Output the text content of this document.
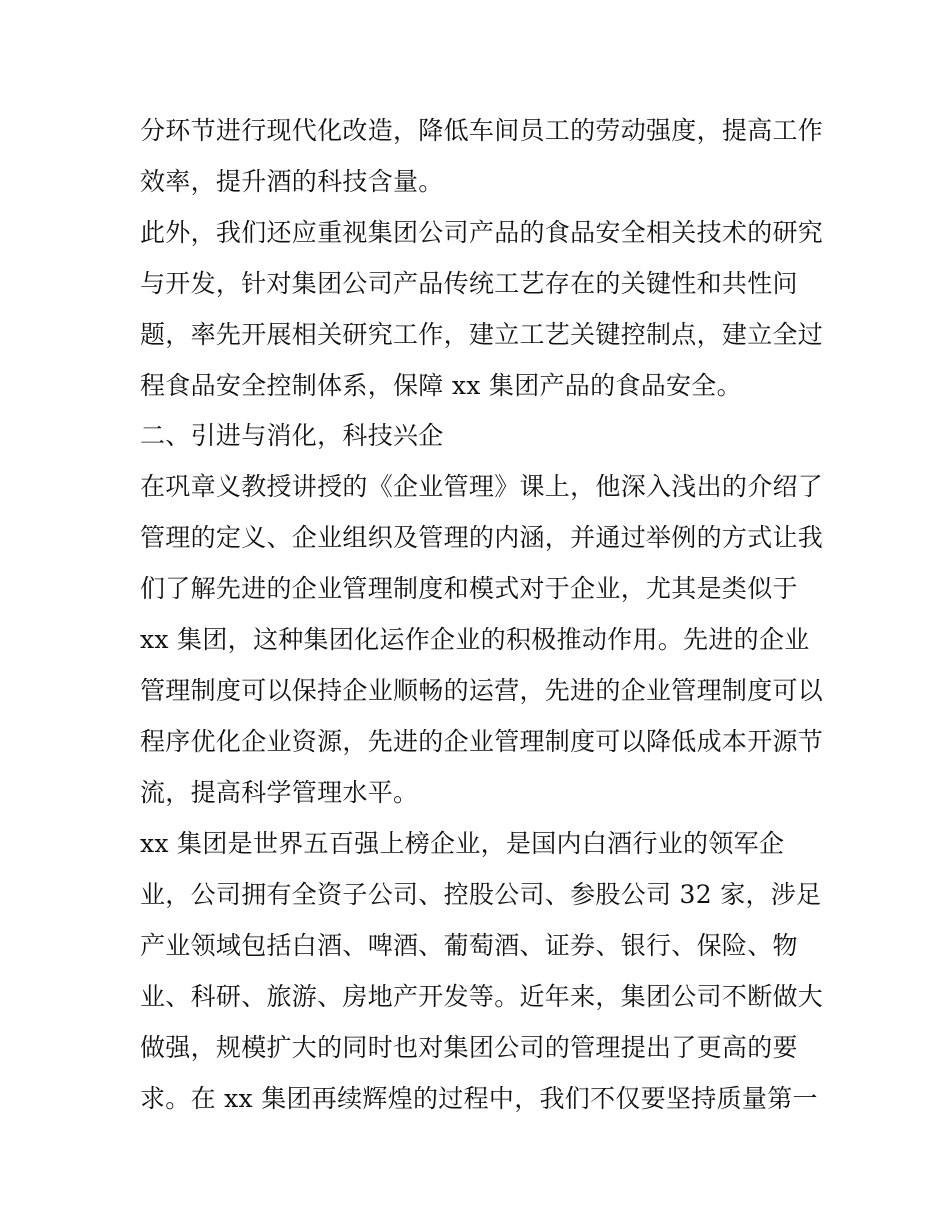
分环节进行现代化改造，降低车间员工的劳动强度，提高工作
效率，提升酒的科技含量。
此外，我们还应重视集团公司产品的食品安全相关技术的研究
与开发，针对集团公司产品传统工艺存在的关键性和共性问
题，率先开展相关研究工作，建立工艺关键控制点，建立全过
程食品安全控制体系，保障 xx 集团产品的食品安全。
二、引进与消化，科技兴企
在巩章义教授讲授的《企业管理》课上，他深入浅出的介绍了
管理的定义、企业组织及管理的内涵，并通过举例的方式让我
们了解先进的企业管理制度和模式对于企业，尤其是类似于
xx 集团，这种集团化运作企业的积极推动作用。先进的企业
管理制度可以保持企业顺畅的运营，先进的企业管理制度可以
程序优化企业资源，先进的企业管理制度可以降低成本开源节
流，提高科学管理水平。
xx 集团是世界五百强上榜企业，是国内白酒行业的领军企
业，公司拥有全资子公司、控股公司、参股公司 32 家，涉足
产业领域包括白酒、啤酒、葡萄酒、证券、银行、保险、物
业、科研、旅游、房地产开发等。近年来，集团公司不断做大
做强，规模扩大的同时也对集团公司的管理提出了更高的要
求。在 xx 集团再续辉煌的过程中，我们不仅要坚持质量第一
